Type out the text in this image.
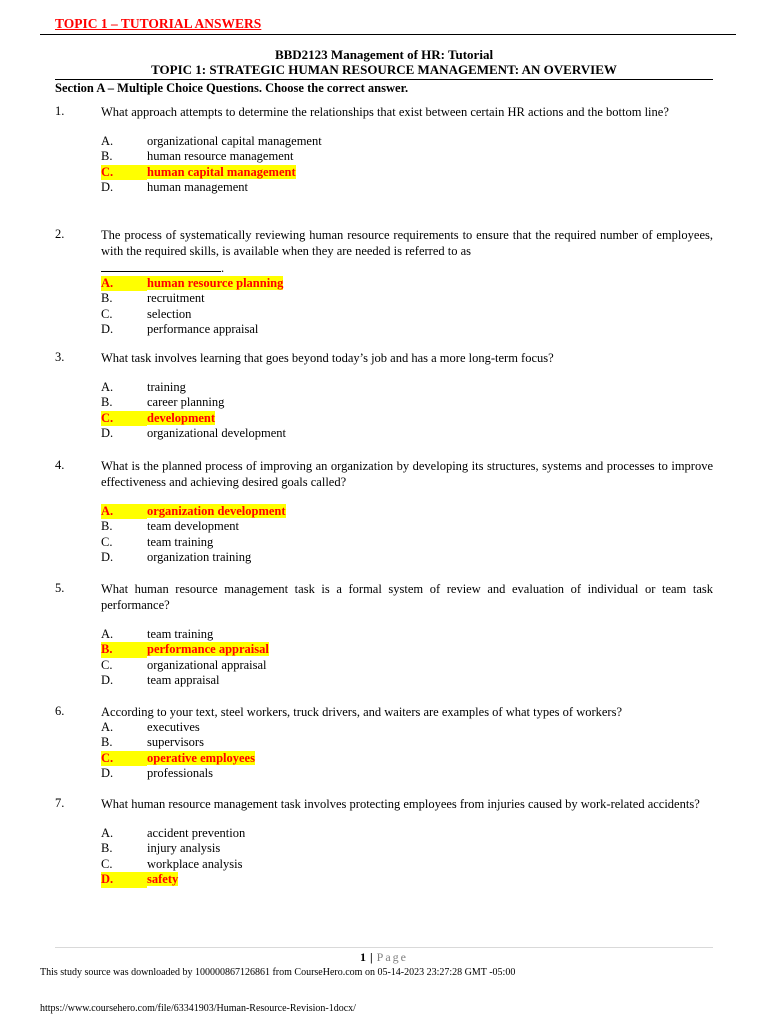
TOPIC 1 – TUTORIAL ANSWERS
BBD2123 Management of HR: Tutorial
TOPIC 1: STRATEGIC HUMAN RESOURCE MANAGEMENT: AN OVERVIEW
Section A – Multiple Choice Questions. Choose the correct answer.
1.	What approach attempts to determine the relationships that exist between certain HR actions and the bottom line?
A.	organizational capital management
B.	human resource management
C.	human capital management
D.	human management
2.	The process of systematically reviewing human resource requirements to ensure that the required number of employees, with the required skills, is available when they are needed is referred to as
.
A.	human resource planning
B.	recruitment
C.	selection
D.	performance appraisal
3.	What task involves learning that goes beyond today’s job and has a more long-term focus?
A.	training
B.	career planning
C.	development
D.	organizational development
4.	What is the planned process of improving an organization by developing its structures, systems and processes to improve effectiveness and achieving desired goals called?
A.	organization development
B.	team development
C.	team training
D.	organization training
5.	What human resource management task is a formal system of review and evaluation of individual or team task performance?
A.	team training
B.	performance appraisal
C.	organizational appraisal
D.	team appraisal
6.	According to your text, steel workers, truck drivers, and waiters are examples of what types of workers?
A.	executives
B.	supervisors
C.	operative employees
D.	professionals
7.	What human resource management task involves protecting employees from injuries caused by work-related accidents?
A.	accident prevention
B.	injury analysis
C.	workplace analysis
D.	safety
1 | Page
This study source was downloaded by 100000867126861 from CourseHero.com on 05-14-2023 23:27:28 GMT -05:00
https://www.coursehero.com/file/63341903/Human-Resource-Revision-1docx/
